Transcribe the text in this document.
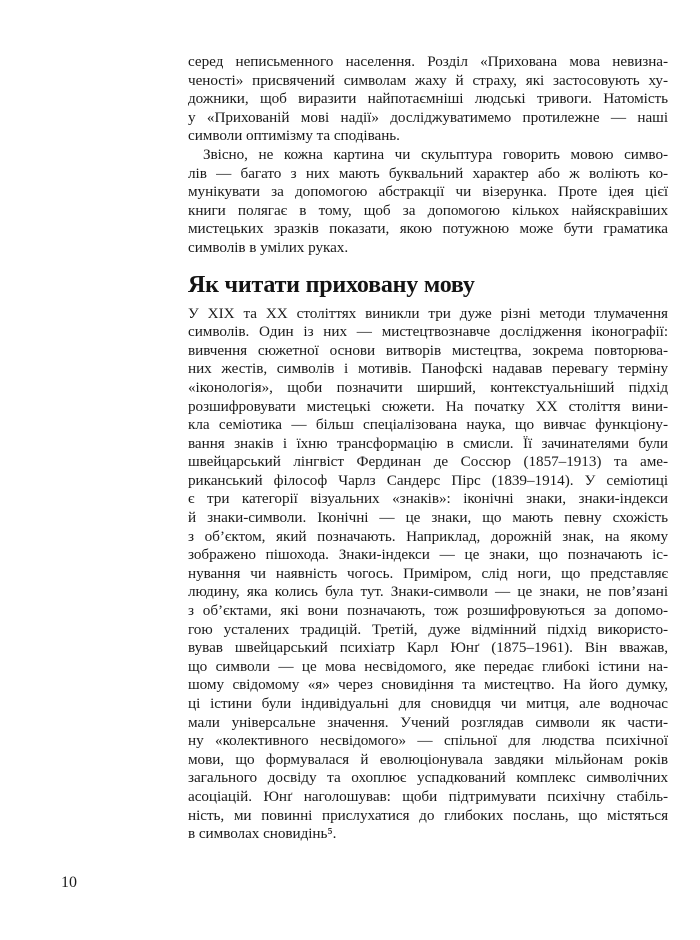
серед неписьменного населення. Розділ «Прихована мова невизна-
ченості» присвячений символам жаху й страху, які застосовують ху-
дожники, щоб виразити найпотаємніші людські тривоги. Натомість
у «Прихованій мові надії» досліджуватимемо протилежне — наші
символи оптимізму та сподівань.
Звісно, не кожна картина чи скульптура говорить мовою симво-
лів — багато з них мають буквальний характер або ж воліють ко-
мунікувати за допомогою абстракції чи візерунка. Проте ідея цієї
книги полягає в тому, щоб за допомогою кількох найяскравіших
мистецьких зразків показати, якою потужною може бути граматика
символів в умілих руках.
Як читати приховану мову
У XIX та XX століттях виникли три дуже різні методи тлумачення
символів. Один із них — мистецтвознавче дослідження іконографії:
вивчення сюжетної основи витворів мистецтва, зокрема повторюва-
них жестів, символів і мотивів. Панофскі надавав перевагу терміну
«іконологія», щоби позначити ширший, контекстуальніший підхід
розшифровувати мистецькі сюжети. На початку XX століття вини-
кла семіотика — більш спеціалізована наука, що вивчає функціону-
вання знаків і їхню трансформацію в смисли. Її зачинателями були
швейцарський лінгвіст Фердинан де Соссюр (1857–1913) та аме-
риканський філософ Чарлз Сандерс Пірс (1839–1914). У семіотиці
є три категорії візуальних «знаків»: іконічні знаки, знаки-індекси
й знаки-символи. Іконічні — це знаки, що мають певну схожість
з об’єктом, який позначають. Наприклад, дорожній знак, на якому
зображено пішохода. Знаки-індекси — це знаки, що позначають іс-
нування чи наявність чогось. Приміром, слід ноги, що представляє
людину, яка колись була тут. Знаки-символи — це знаки, не пов’язані
з об’єктами, які вони позначають, тож розшифровуються за допомо-
гою усталених традицій. Третій, дуже відмінний підхід використо-
вував швейцарський психіатр Карл Юнґ (1875–1961). Він вважав,
що символи — це мова несвідомого, яке передає глибокі істини на-
шому свідомому «я» через сновидіння та мистецтво. На його думку,
ці істини були індивідуальні для сновидця чи митця, але водночас
мали універсальне значення. Учений розглядав символи як части-
ну «колективного несвідомого» — спільної для людства психічної
мови, що формувалася й еволюціонувала завдяки мільйонам років
загального досвіду та охоплює успадкований комплекс символічних
асоціацій. Юнґ наголошував: щоби підтримувати психічну стабіль-
ність, ми повинні прислухатися до глибоких послань, що містяться
в символах сновидінь⁵.
10
